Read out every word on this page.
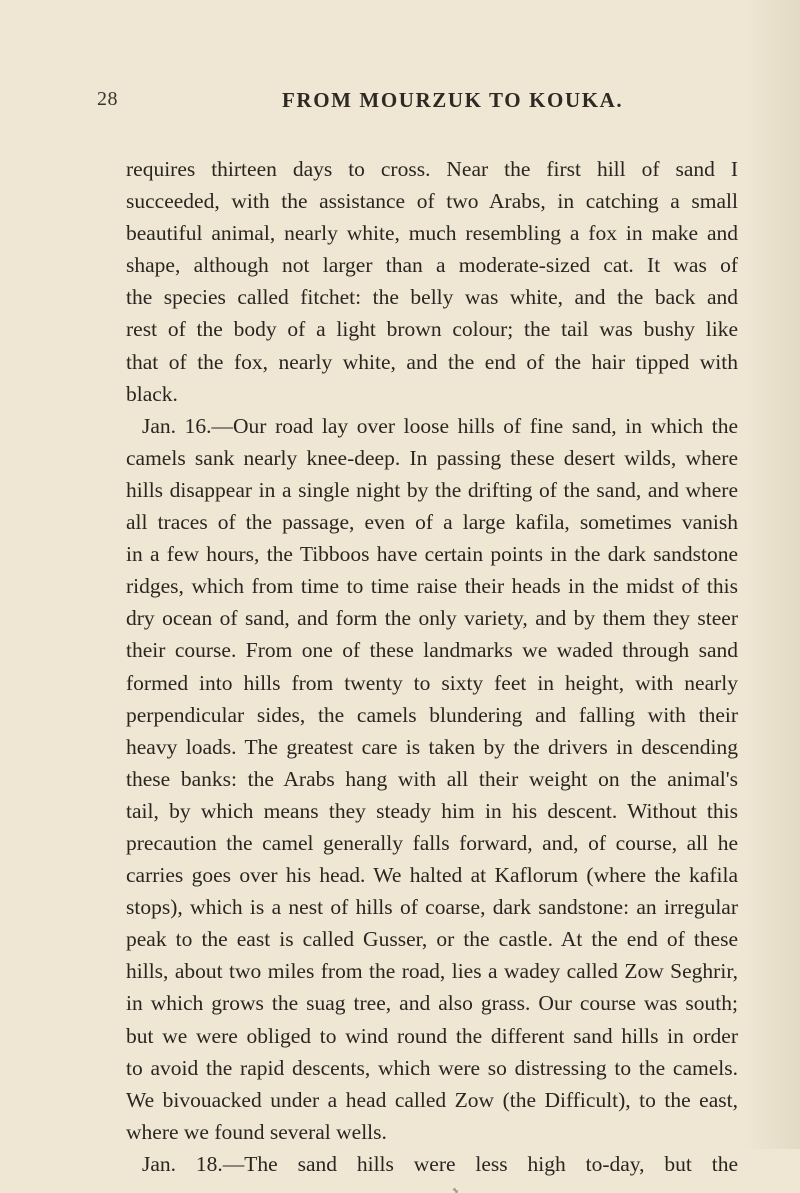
28	FROM MOURZUK TO KOUKA.
requires thirteen days to cross. Near the first hill of sand I
succeeded, with the assistance of two Arabs, in catching a small
beautiful animal, nearly white, much resembling a fox in make and
shape, although not larger than a moderate-sized cat. It was of
the species called fitchet: the belly was white, and the back and
rest of the body of a light brown colour; the tail was bushy like
that of the fox, nearly white, and the end of the hair tipped with
black.
Jan. 16.—Our road lay over loose hills of fine sand, in which the
camels sank nearly knee-deep. In passing these desert wilds, where
hills disappear in a single night by the drifting of the sand, and where
all traces of the passage, even of a large kafila, sometimes vanish
in a few hours, the Tibboos have certain points in the dark sandstone
ridges, which from time to time raise their heads in the midst of this
dry ocean of sand, and form the only variety, and by them they steer
their course. From one of these landmarks we waded through sand
formed into hills from twenty to sixty feet in height, with nearly
perpendicular sides, the camels blundering and falling with their
heavy loads. The greatest care is taken by the drivers in descending
these banks: the Arabs hang with all their weight on the animal's
tail, by which means they steady him in his descent. Without this
precaution the camel generally falls forward, and, of course, all he
carries goes over his head. We halted at Kaflorum (where the kafila
stops), which is a nest of hills of coarse, dark sandstone: an irregular
peak to the east is called Gusser, or the castle. At the end of these
hills, about two miles from the road, lies a wadey called Zow Seghrir,
in which grows the suag tree, and also grass. Our course was south;
but we were obliged to wind round the different sand hills in order
to avoid the rapid descents, which were so distressing to the camels.
We bivouacked under a head called Zow (the Difficult), to the east,
where we found several wells.
Jan. 18.—The sand hills were less high to-day, but the
